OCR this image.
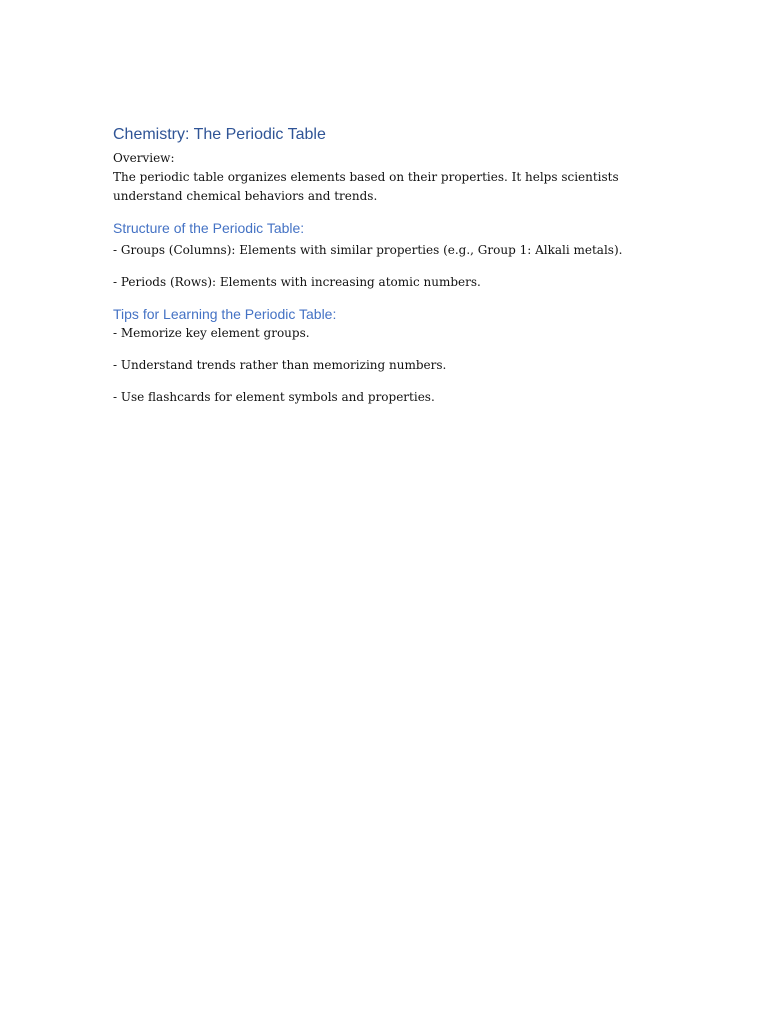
Chemistry: The Periodic Table

Overview:

The periodic table organizes elements based on their properties. It helps scientists

understand chemical behaviors and trends.

Structure of the Periodic Table:

- Groups (Columns): Elements with similar properties (e.g., Group 1: Alkali metals).

- Periods (Rows): Elements with increasing atomic numbers.

Tips for Learning the Periodic Table:

- Memorize key element groups.

- Understand trends rather than memorizing numbers.

- Use flashcards for element symbols and properties.
